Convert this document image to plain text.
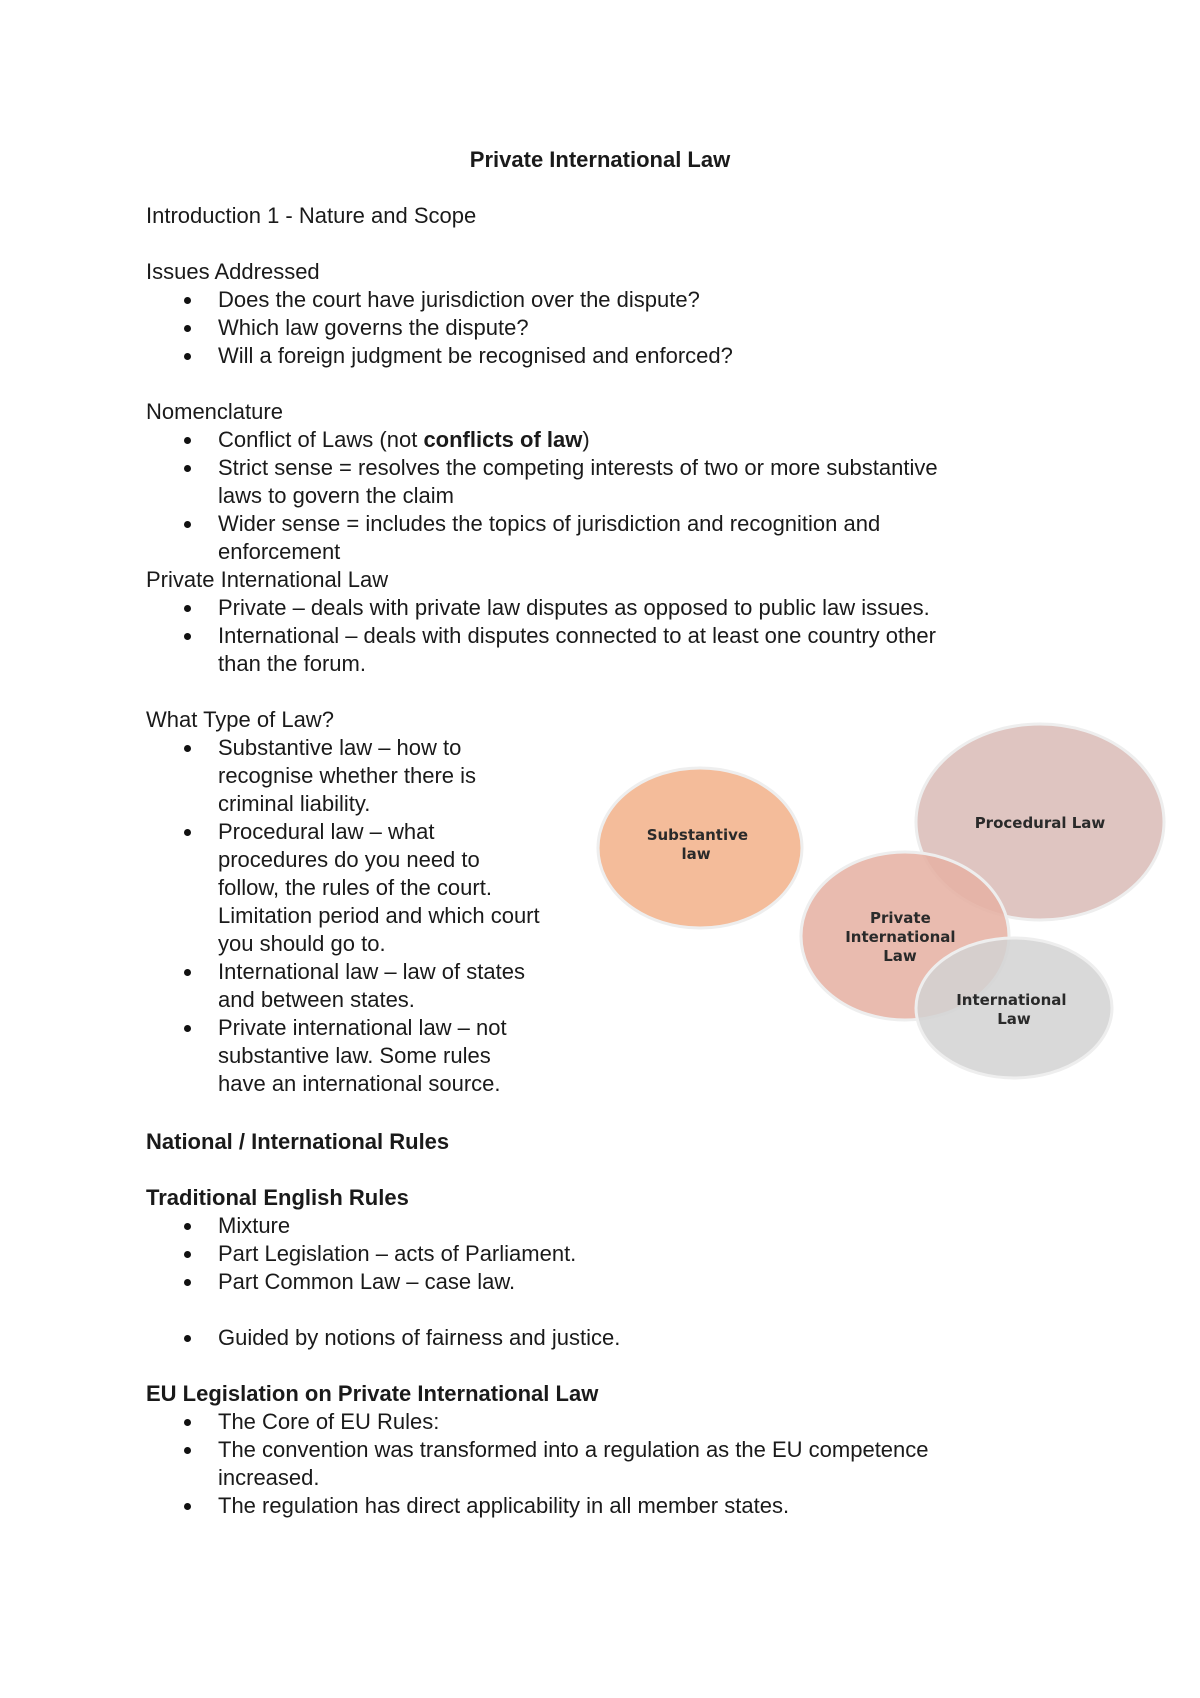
Private International Law
Introduction 1 - Nature and Scope
Issues Addressed
Does the court have jurisdiction over the dispute?
Which law governs the dispute?
Will a foreign judgment be recognised and enforced?
Nomenclature
Conflict of Laws (not conflicts of law)
Strict sense = resolves the competing interests of two or more substantive
laws to govern the claim
Wider sense = includes the topics of jurisdiction and recognition and
enforcement
Private International Law
Private – deals with private law disputes as opposed to public law issues.
International – deals with disputes connected to at least one country other
than the forum.
What Type of Law?
Substantive law – how to
recognise whether there is
criminal liability.
Procedural law – what
procedures do you need to
follow, the rules of the court.
Limitation period and which court
you should go to.
International law – law of states
and between states.
Private international law – not
substantive law. Some rules
have an international source.
Substantive law
Procedural Law
Private International Law
International Law
National / International Rules
Traditional English Rules
Mixture
Part Legislation – acts of Parliament.
Part Common Law – case law.
Guided by notions of fairness and justice.
EU Legislation on Private International Law
The Core of EU Rules:
The convention was transformed into a regulation as the EU competence
increased.
The regulation has direct applicability in all member states.
